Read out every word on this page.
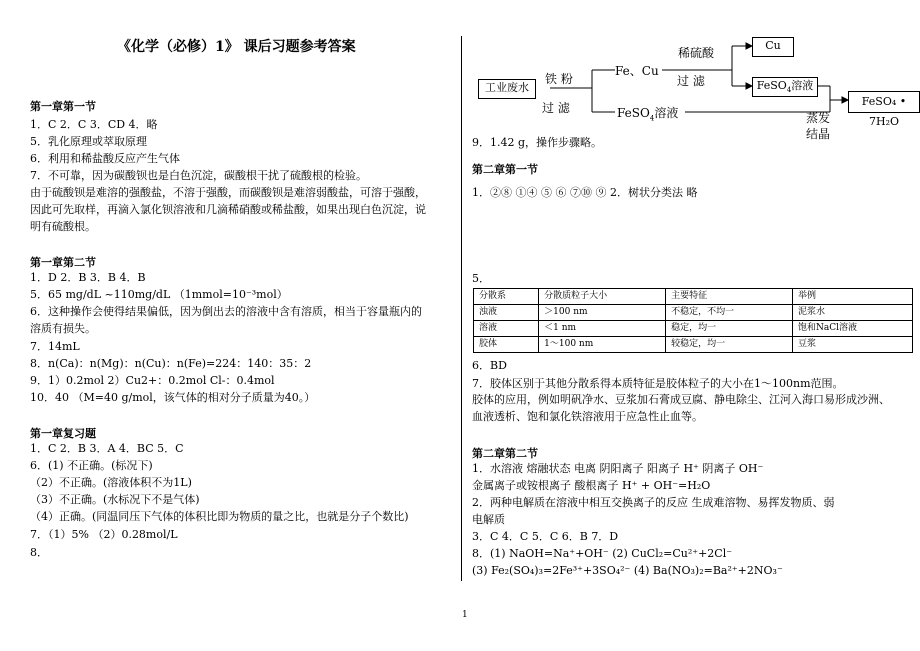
《化学（必修）1》 课后习题参考答案
第一章第一节
1．C 2．C 3．CD 4．略
5．乳化原理或萃取原理
6．利用和稀盐酸反应产生气体
7．不可靠，因为碳酸钡也是白色沉淀，碳酸根干扰了硫酸根的检验。
由于硫酸钡是难溶的强酸盐，不溶于强酸，而碳酸钡是难溶弱酸盐，可溶于强酸，
因此可先取样，再滴入氯化钡溶液和几滴稀硝酸或稀盐酸，如果出现白色沉淀，说
明有硫酸根。
第一章第二节
1．D 2．B 3．B 4．B
5．65 mg/dL ~110mg/dL （1mmol=10⁻³mol）
6．这种操作会使得结果偏低，因为倒出去的溶液中含有溶质，相当于容量瓶内的
溶质有损失。
7．14mL
8．n(Ca)：n(Mg)：n(Cu)：n(Fe)=224：140：35：2
9．1）0.2mol 2）Cu2+：0.2mol Cl-：0.4mol
10．40 （M=40 g/mol，该气体的相对分子质量为40。）
第一章复习题
1．C 2．B 3．A 4．BC 5．C
6．(1) 不正确。(标况下)
（2）不正确。(溶液体积不为1L)
（3）不正确。(水标况下不是气体)
（4）正确。(同温同压下气体的体积比即为物质的量之比，也就是分子个数比)
7．（1）5% （2）0.28mol/L
8．
9．1.42 g，操作步骤略。
第二章第一节
1．②⑧ ①④ ⑤ ⑥ ⑦⑩ ⑨ 2．树状分类法 略
5．
6．BD
7．胶体区别于其他分散系得本质特征是胶体粒子的大小在1～100nm范围。
胶体的应用，例如明矾净水、豆浆加石膏成豆腐、静电除尘、江河入海口易形成沙洲、
血液透析、饱和氯化铁溶液用于应急性止血等。
第二章第二节
1．水溶液 熔融状态 电离 阴阳离子 阳离子 H⁺ 阴离子 OH⁻
金属离子或铵根离子 酸根离子 H⁺ + OH⁻=H₂O
2．两种电解质在溶液中相互交换离子的反应 生成难溶物、易挥发物质、弱
电解质
3．C 4．C 5．C 6．B 7．D
8．(1) NaOH=Na⁺+OH⁻ (2) CuCl₂=Cu²⁺+2Cl⁻
(3) Fe₂(SO₄)₃=2Fe³⁺+3SO₄²⁻ (4) Ba(NO₃)₂=Ba²⁺+2NO₃⁻
工业废水
铁 粉
过 滤
Fe、Cu
稀硫酸
过 滤
Cu
FeSO$_4$溶液
FeSO$_4$溶液
FeSO₄ • 7H₂O
蒸发
结晶
分散系	分散质粒子大小	主要特征	举例
浊液	＞100 nm	不稳定，不均一	泥浆水
溶液	＜1 nm	稳定，均一	饱和NaCl溶液
胶体	1～100 nm	较稳定，均一	豆浆
1
